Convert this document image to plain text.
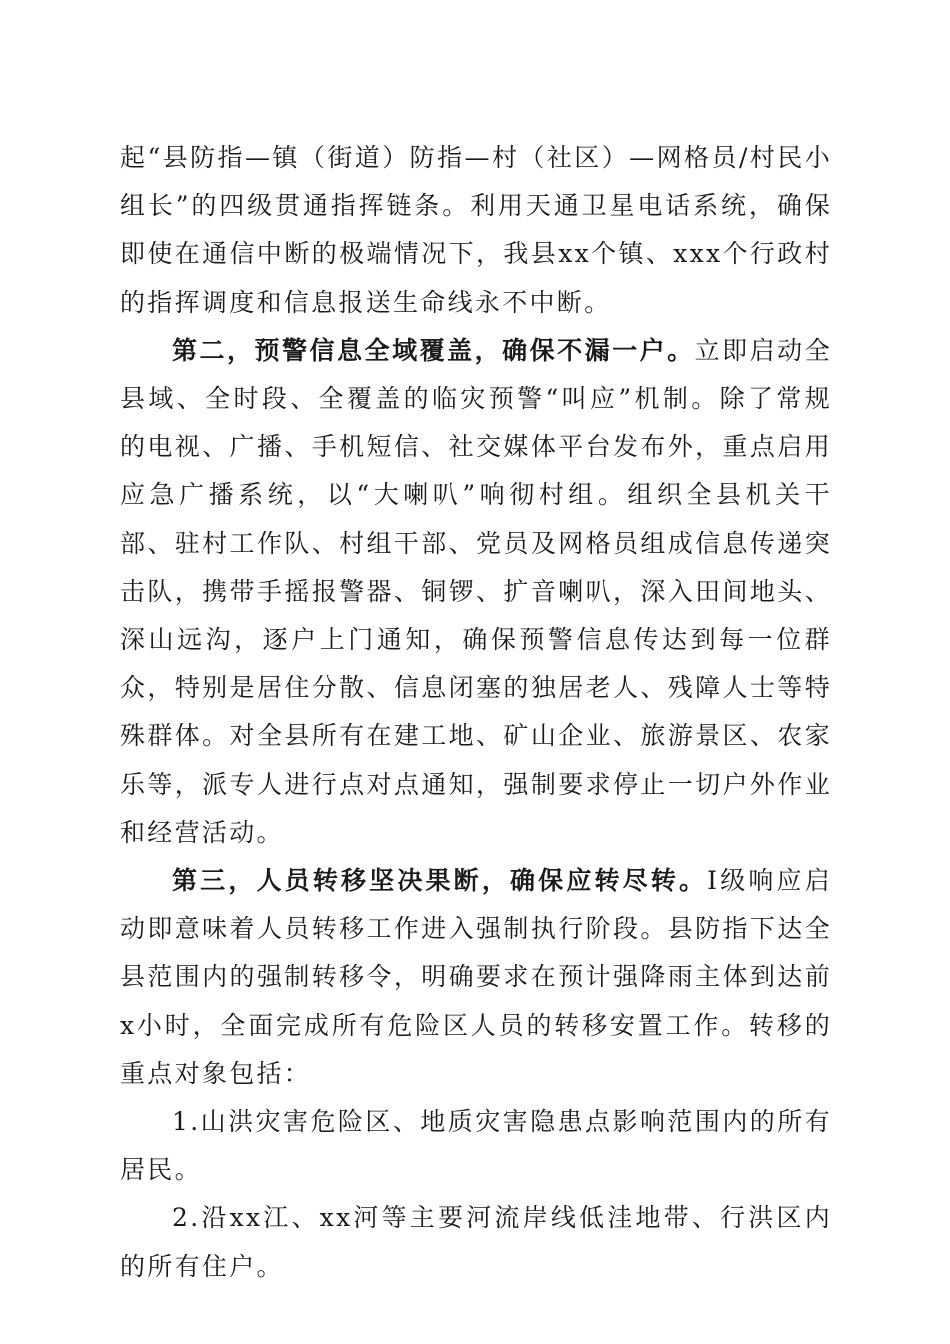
起“县防指—镇（街道）防指—村（社区）—网格员/村民小组长”的四级贯通指挥链条。利用天通卫星电话系统，确保即使在通信中断的极端情况下，我县xx个镇、xxx个行政村的指挥调度和信息报送生命线永不中断。

第二，预警信息全域覆盖，确保不漏一户。立即启动全县域、全时段、全覆盖的临灾预警“叫应”机制。除了常规的电视、广播、手机短信、社交媒体平台发布外，重点启用应急广播系统，以“大喇叭”响彻村组。组织全县机关干部、驻村工作队、村组干部、党员及网格员组成信息传递突击队，携带手摇报警器、铜锣、扩音喇叭，深入田间地头、深山远沟，逐户上门通知，确保预警信息传达到每一位群众，特别是居住分散、信息闭塞的独居老人、残障人士等特殊群体。对全县所有在建工地、矿山企业、旅游景区、农家乐等，派专人进行点对点通知，强制要求停止一切户外作业和经营活动。

第三，人员转移坚决果断，确保应转尽转。I级响应启动即意味着人员转移工作进入强制执行阶段。县防指下达全县范围内的强制转移令，明确要求在预计强降雨主体到达前x小时，全面完成所有危险区人员的转移安置工作。转移的重点对象包括：

1.山洪灾害危险区、地质灾害隐患点影响范围内的所有居民。

2.沿xx江、xx河等主要河流岸线低洼地带、行洪区内的所有住户。
